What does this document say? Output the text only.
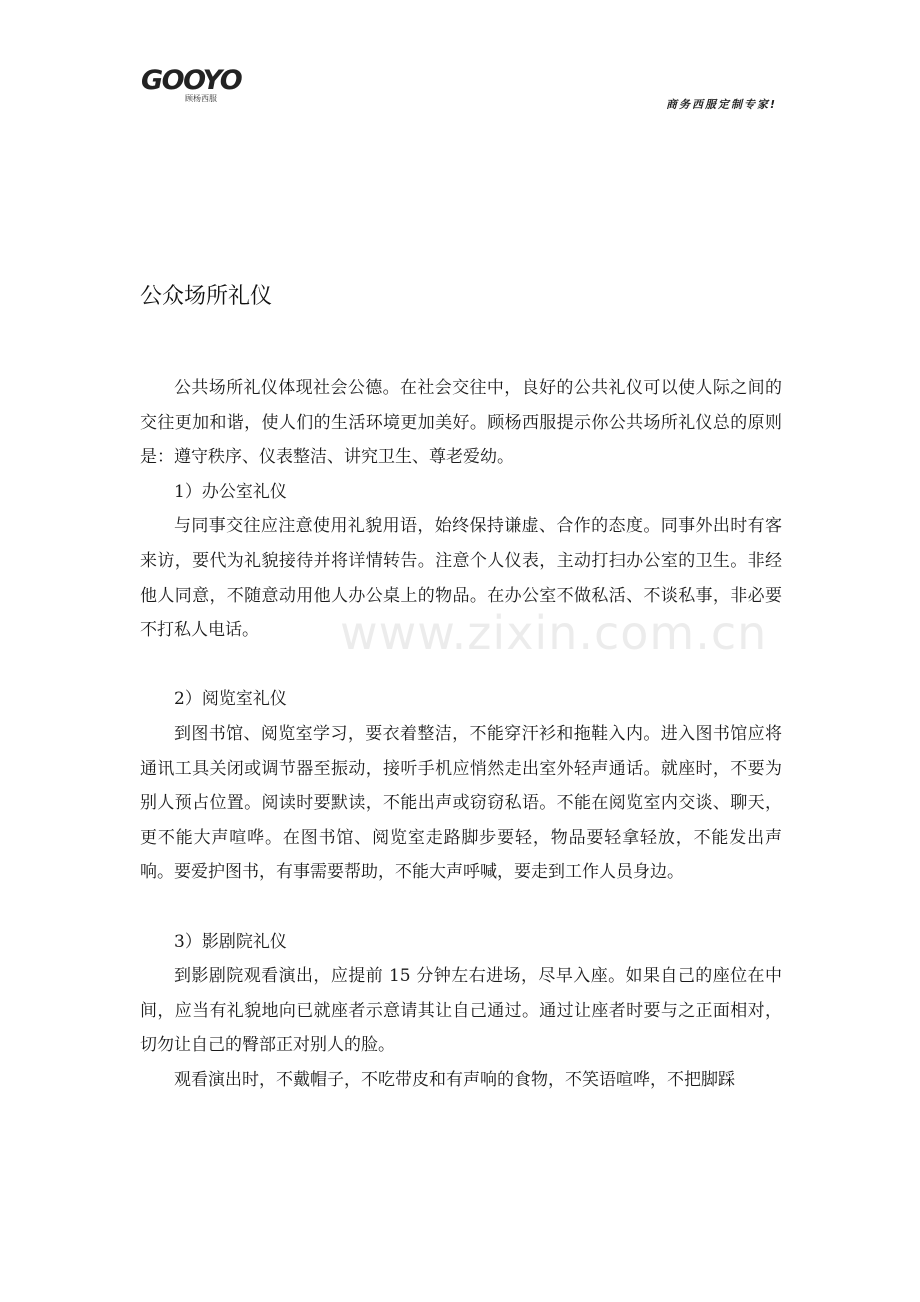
GOOYO
顾杨西服	商务西服定制专家!
公众场所礼仪

公共场所礼仪体现社会公德。在社会交往中，良好的公共礼仪可以使人际之间的交往更加和谐，使人们的生活环境更加美好。顾杨西服提示你公共场所礼仪总的原则是：遵守秩序、仪表整洁、讲究卫生、尊老爱幼。

1）办公室礼仪

与同事交往应注意使用礼貌用语，始终保持谦虚、合作的态度。同事外出时有客来访，要代为礼貌接待并将详情转告。注意个人仪表，主动打扫办公室的卫生。非经他人同意，不随意动用他人办公桌上的物品。在办公室不做私活、不谈私事，非必要不打私人电话。

2）阅览室礼仪

到图书馆、阅览室学习，要衣着整洁，不能穿汗衫和拖鞋入内。进入图书馆应将通讯工具关闭或调节器至振动，接听手机应悄然走出室外轻声通话。就座时，不要为别人预占位置。阅读时要默读，不能出声或窃窃私语。不能在阅览室内交谈、聊天，更不能大声喧哗。在图书馆、阅览室走路脚步要轻，物品要轻拿轻放，不能发出声响。要爱护图书，有事需要帮助，不能大声呼喊，要走到工作人员身边。

3）影剧院礼仪

到影剧院观看演出，应提前 15 分钟左右进场，尽早入座。如果自己的座位在中间，应当有礼貌地向已就座者示意请其让自己通过。通过让座者时要与之正面相对，切勿让自己的臀部正对别人的脸。

观看演出时，不戴帽子，不吃带皮和有声响的食物，不笑语喧哗，不把脚踩

www.zixin.com.cn
